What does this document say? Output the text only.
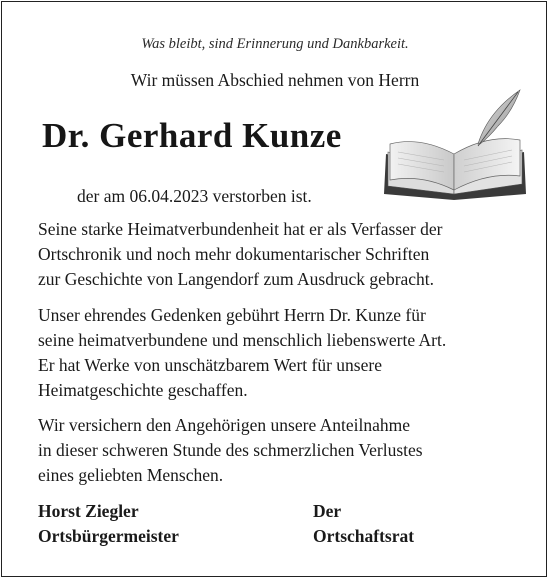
Was bleibt, sind Erinnerung und Dankbarkeit.
Wir müssen Abschied nehmen von Herrn
Dr. Gerhard Kunze
der am 06.04.2023 verstorben ist.
Seine starke Heimatverbundenheit hat er als Verfasser der
Ortschronik und noch mehr dokumentarischer Schriften
zur Geschichte von Langendorf zum Ausdruck gebracht.
Unser ehrendes Gedenken gebührt Herrn Dr. Kunze für
seine heimatverbundene und menschlich liebenswerte Art.
Er hat Werke von unschätzbarem Wert für unsere
Heimatgeschichte geschaffen.
Wir versichern den Angehörigen unsere Anteilnahme
in dieser schweren Stunde des schmerzlichen Verlustes
eines geliebten Menschen.
Horst Ziegler
Ortsbürgermeister
Der
Ortschaftsrat
